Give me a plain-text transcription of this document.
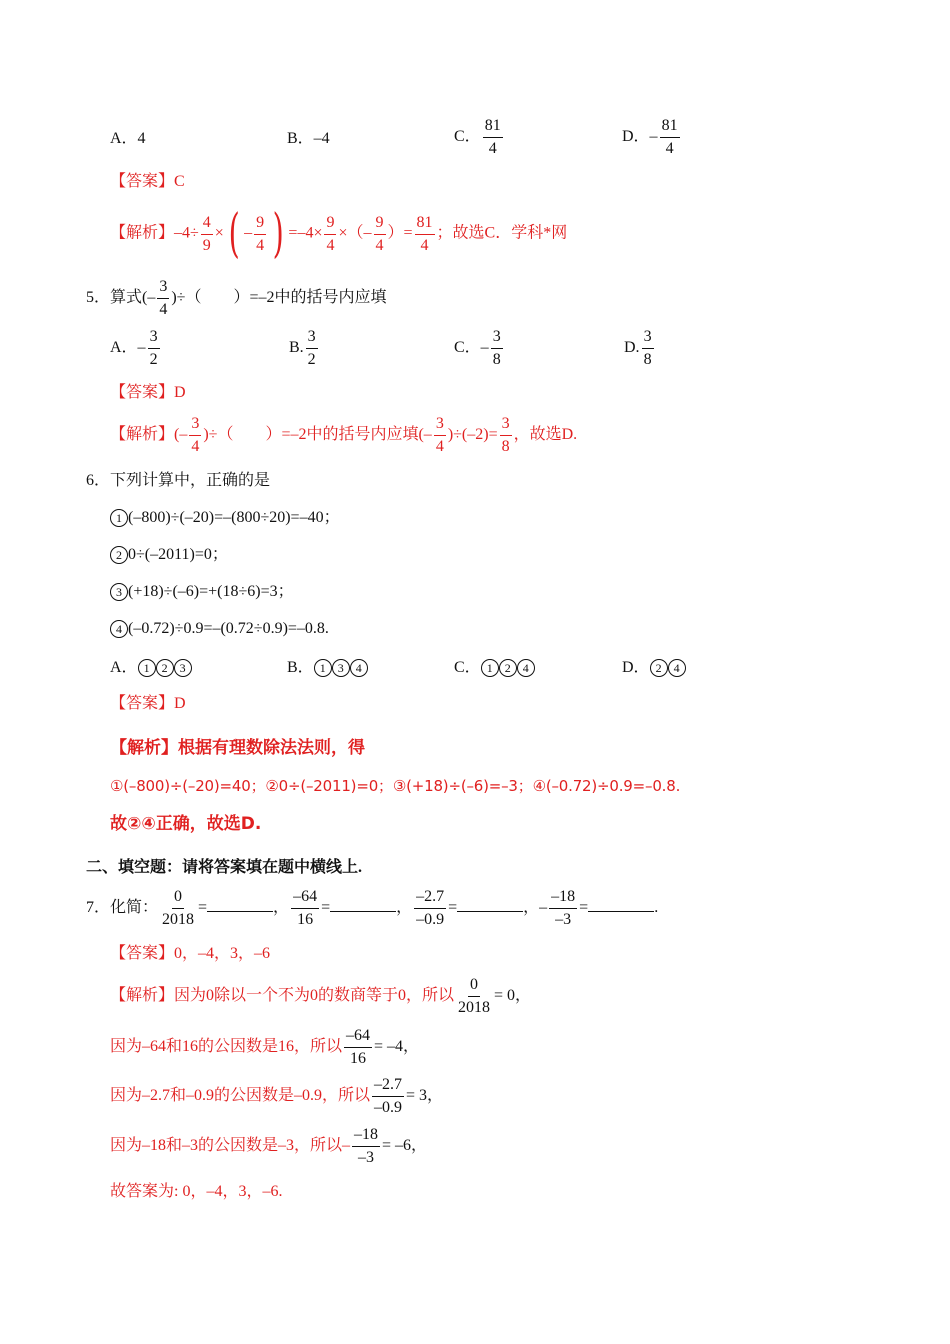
A．4	B．–4	C． $\frac{81}{4}$	D．– $\frac{81}{4}$
【答案】C
【解析】$-4\div \frac{4}{9}$ ×( – $\frac{9}{4}$ ) $=-4\times \frac{9}{4}$ ×（– $\frac{9}{4}$ ）= $\frac{81}{4}$ ；故选C．学科*网
5．算式(– $\frac{3}{4}$ )÷（　　）=–2中的括号内应填
A．– $\frac{3}{2}$	B. $\frac{3}{2}$	C．– $\frac{3}{8}$	D. $\frac{3}{8}$
【答案】D
【解析】(– $\frac{3}{4}$ )÷（　　）=–2中的括号内应填(– $\frac{3}{4} )\div(-2)= \frac{3}{8}$ ，故选D.
6．下列计算中，正确的是
1 (–800)÷(–20)=–(800÷20)=–40；
2 0÷(–2011)=0；
3 (+18)÷(–6)=+(18÷6)=3；
4 (–0.72)÷0.9=–(0.72÷0.9)=–0.8.
A． 1 2 3	B． 1 3 4	C． 1 2 4	D． 2 4
【答案】D
【解析】根据有理数除法法则，得
①(–800)÷(–20)=40；②0÷(–2011)=0；③(+18)÷(–6)=–3；④(–0.72)÷0.9=–0.8.
故②④正确，故选D.
二、填空题：请将答案填在题中横线上.
7．化简： $\frac{0}{2018}$ =	， $\frac{-64}{16}$ =	， $\frac{-2.7}{-0.9}$ =	，– $\frac{-18}{-3}$ =	.
【答案】0，–4，3，–6
【解析】因为0除以一个不为0的数商等于0，所以 $\frac{0}{2018} = 0$，
因为–64和16的公因数是16，所以 $\frac{-64}{16} = -4$，
因为–2.7和–0.9的公因数是–0.9，所以 $\frac{-2.7}{-0.9} = 3$，
因为–18和–3的公因数是–3，所以– $\frac{-18}{-3} = -6$，
故答案为: 0，–4，3，–6.
